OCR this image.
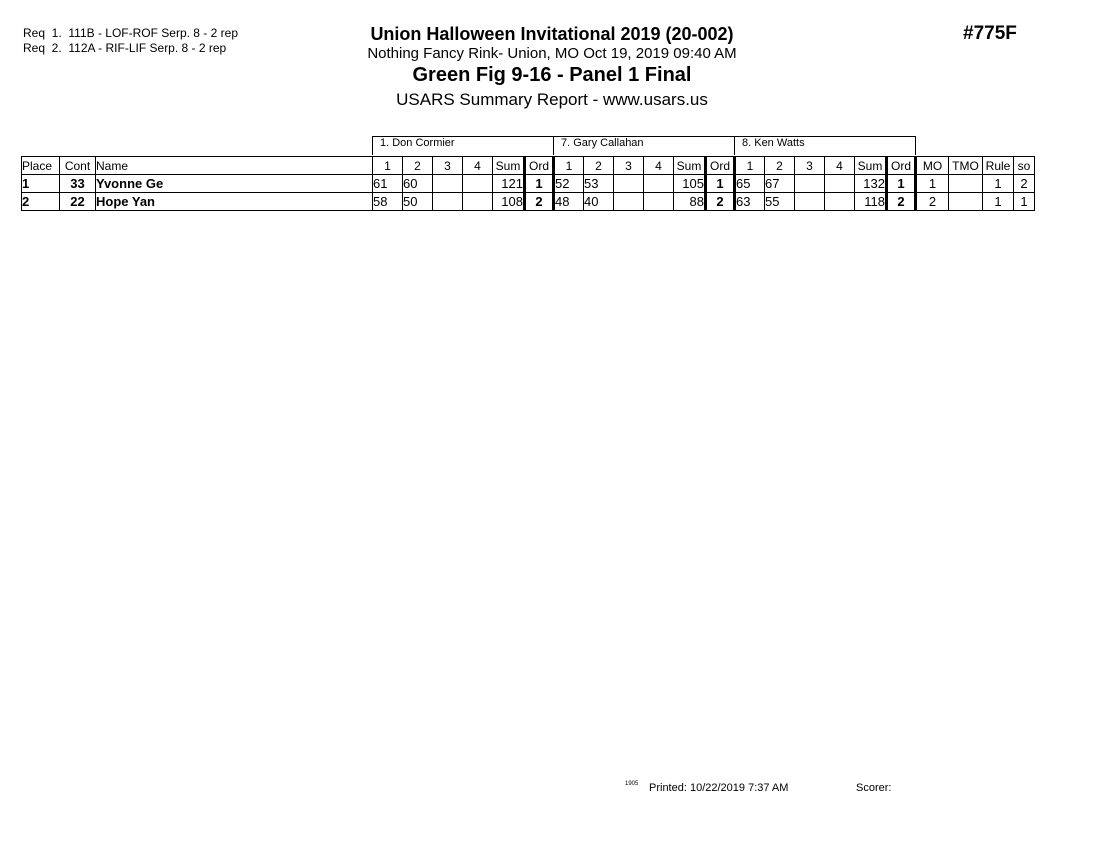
Req  1. 111B - LOF-ROF Serp. 8 - 2 rep
Req  2. 112A - RIF-LIF Serp. 8 - 2 rep
Union Halloween Invitational 2019 (20-002)
Nothing Fancy Rink- Union, MO Oct 19, 2019 09:40 AM
Green Fig 9-16 - Panel 1 Final
USARS Summary Report - www.usars.us
#775F
1. Don Cormier	7. Gary Callahan	8. Ken Watts
Place	Cont	Name	1	2	3	4	Sum	Ord	1	2	3	4	Sum	Ord	1	2	3	4	Sum	Ord	MO	TMO	Rule	so
1	33	Yvonne Ge	61	60			121	1	52	53			105	1	65	67			132	1	1		1	2
2	22	Hope Yan	58	50			108	2	48	40			88	2	63	55			118	2	2		1	1
1905 Printed: 10/22/2019 7:37 AM	Scorer:
